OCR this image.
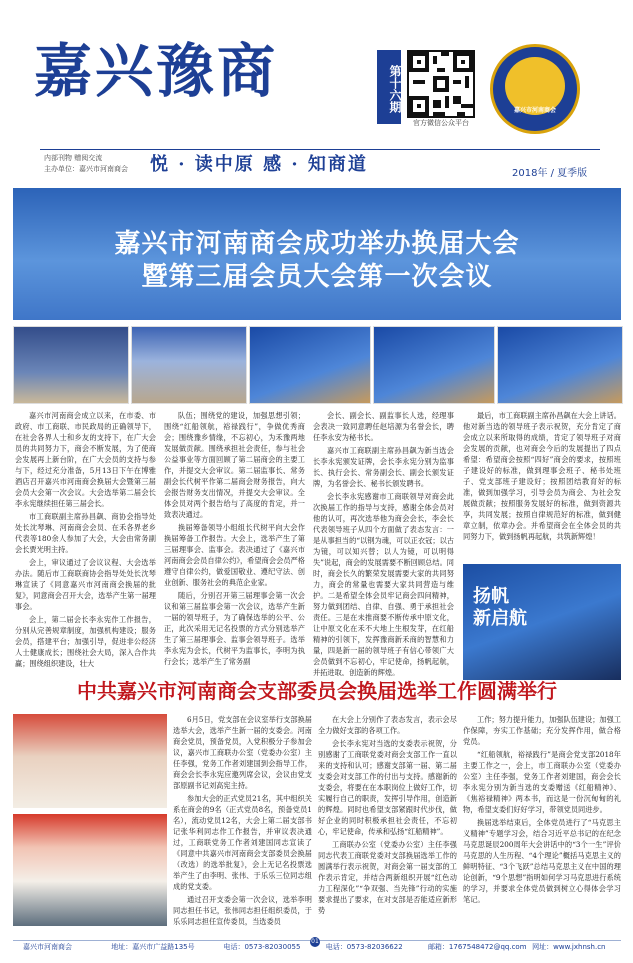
嘉兴豫商	第十六期
官方微信公众平台
嘉兴市河南商会
内部刊物 赠阅交流
主办单位：嘉兴市河南商会 悦 · 读中原 感 · 知商道	2018年 / 夏季版
嘉兴市河南商会成功举办换届大会
暨第三届会员大会第一次会议

嘉兴市河南商会成立以来，在市委、市政府、市工商联、市民政局的正确领导下，在社会各界人士和乡友的支持下，在广大会员的共同努力下，商会不断发展，为了使商会发展再上新台阶，在广大会员的支持与参与下，经过充分准备，5月13日下午在博雅酒店召开嘉兴市河南商会换届大会暨第三届会员大会第一次会议。大会选举第二届会长李永宪继续担任第三届会长。

市工商联副主席孙昌飙、商协会指导处处长沈琴琳、河南商会会员、在禾各界老乡代表等180余人参加了大会，大会由常务副会长贾光明主持。

会上，审议通过了会议议程、大会选举办法。随后市工商联商协会指导处处长沈琴琳宣读了《同意嘉兴市河南商会换届的批复》，同意商会召开大会，选举产生第一届理事会。

会上，第二届会长李永宪作工作报告，分别从完善规章制度，加强机构建设；服务会员，搭建平台；加强引导，促进非公经济人士健康成长；围绕社会大局，深入合作共赢；围绕组织建设，壮大

队伍；围绕党的建设，加强思想引领；围绕“红船领航，裕禄践行”，争做优秀商会；围绕豫乡情缘，不忘初心，为禾豫两地发展做贡献。围绕承担社会责任，参与社会公益事业等方面回顾了第二届商会的主要工作，并提交大会审议。第二届监事长、常务副会长代树平作第二届商会财务报告，向大会报告财务支出情况，并提交大会审议。全体会员对两个报告给与了高度的肯定，并一致表决通过。

换届筹备领导小组组长代树平向大会作换届筹备工作报告。大会上，选举产生了第三届理事会、监事会。表决通过了《嘉兴市河南商会会员自律公约》，希望商会会员严格遵守自律公约，做爱国敬业、遵纪守法、创业创新、服务社会的典范企业家。

随后，分别召开第三届理事会第一次会议和第三届监事会第一次会议，选举产生新一届的领导班子，为了确保选举的公平、公正，此次采用无记名投票的方式分别选举产生了第三届理事会、监事会领导班子。选举李永宪为会长，代树平为监事长，李明为执行会长；选举产生了常务副

会长、副会长、副监事长人选，经理事会表决一致同意聘任赵培源为名誉会长，聘任李永安为秘书长。

嘉兴市工商联副主席孙昌飙为新当选会长李永宪颁发证牌，会长李永宪分别为监事长、执行会长、常务副会长、副会长颁发证牌，为名誉会长、秘书长颁发聘书。

会长李永宪感谢市工商联领导对商会此次换届工作的指导与支持，感谢全体会员对他的认可，再次选举他为商会会长，李会长代表领导班子从四个方面做了表态发言：一是从事担当的“以钢为魂，可以正衣冠；以古为镜，可以知兴替；以人为镜，可以明得失”说起，商会的发展需要不断回顾总结。同时，商会长久的繁荣发展需要大家的共同努力，商会的常量也需要大家共同营造与维护。二是希望全体会员牢记商会四问精神，努力做到团结、自律、自强、勇于承担社会责任。三是在未推商要不断传承中原文化，让中原文化在禾不大地上生根发芽，在红船精神的引领下，发挥豫商新禾商的智慧和力量，四是新一届的领导班子有信心带领广大会员做到不忘初心，牢记使命，扬帆起航，并拓进取，创造新的辉煌。

最后，市工商联副主席孙昌飙在大会上讲话。他对新当选的领导班子表示祝贺，充分肯定了商会成立以来所取得的成绩，肯定了领导班子对商会发展的贡献，也对商会今后的发展提出了四点希望：希望商会按照“四好”商会的要求，按照班子建设好的标准，做到理事会班子、秘书处班子、党支部班子建设好；按照团结教育好的标准，做到加强学习，引导会员为商会、为社会发展做贡献；按照服务发展好的标准，做到资源共享，共同发展；按照自律规范好的标准，做到健章立制，依章办会。并希望商会在全体会员的共同努力下，做到扬帆再起航，共筑新辉煌！

扬帆
新启航
中共嘉兴市河南商会支部委员会换届选举工作圆满举行

6月5日，党支部在会议室举行支部换届选举大会，选举产生新一届的支委会。河南商会党员，预备党员，入党积极分子参加会议，嘉兴市工商联办公室（党委办公室）主任李强，党务工作者刘建国到会指导工作，商会会长李永宪应邀列席会议，会议由党支部原副书记刘高宪主持。

参加大会的正式党员21名，其中组织关系在商会的9名（正式党员8名，预备党员1名），流动党员12名，大会上第二届支部书记张华利同志作工作报告，并审议表决通过，工商联党务工作者刘建国同志宣读了《同意中共嘉兴市河南商会支部委员会换届（改选）的选举批复》，会上无记名投票选举产生了由李明、张伟、于乐乐三位同志组成的党支委。

通过召开支委会第一次会议，选举李明同志担任书记，张伟同志担任组织委员，于乐乐同志担任宣传委员，当选委员

在大会上分别作了表态发言，表示会尽全力做好支部的各项工作。

会长李永宪对当选的支委表示祝贺，分别感谢了工商联党委对商会支部工作一直以来的支持和认可；感谢支部第一届、第二届支委会对支部工作的付出与支持。感谢新的支委会，将要在在本职岗位上做好工作，切实履行自己的职责，发挥引导作用，创造新的辉煌。同时也希望支部紧跟时代步伐，做好企业的同时积极承担社会责任，不忘初心，牢记使命，传承和弘扬“红船精神”。

工商联办公室（党委办公室）主任李强同志代表工商联党委对支部换届选举工作的圆满举行表示祝贺，对商会第一届支部的工作表示肯定，并结合两新组织开展“红色动力工程深化”“争双强、当先锋”行动的实施要求提出了要求，在对支部是否能适应新形势

工作；努力提升能力，加强队伍建设；加强工作保障，夯实工作基础；充分发挥作用，做合格党员。

“红船领航，裕禄践行”是商会党支部2018年主要工作之一，会上，市工商联办公室（党委办公室）主任李强，党务工作者刘建国，商会会长李永宪分别为新当选的支委赠送《红船精神》、《焦裕禄精神》两本书，而这是一份沉甸甸的礼物，希望支委们好好学习，带领党员同进步。

换届选举结束后，全体党员进行了“马克思主义精神”专题学习会，结合习近平总书记的在纪念马克思诞辰200周年大会讲话中的“3个一生”评价马克思的人生历程、“4个理论”概括马克思主义的鲜明特征、“3个飞跃”总结马克思主义在中国的理论创新，“9个思想”指明如何学习马克思进行系统的学习，并要求全体党员做到树立心得体会学习笔记。

01
嘉兴市河南商会	地址：嘉兴市广益路135号	电话：0573-82030055	电话：0573-82036622	邮箱：1767548472@qq.com 网址：www.jxhnsh.cn
